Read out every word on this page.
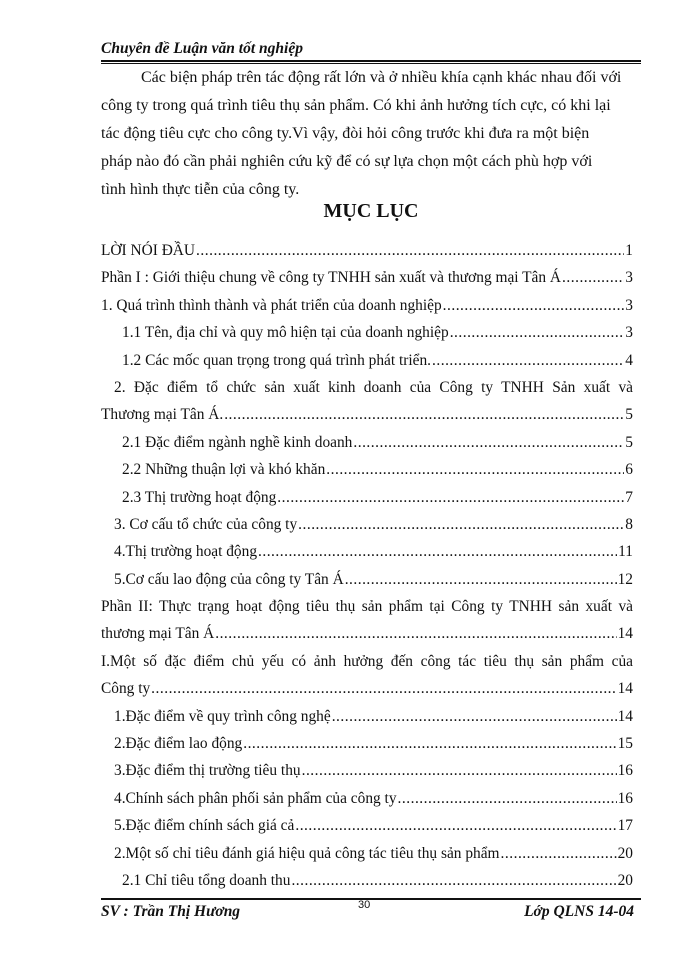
Chuyên đề Luận văn tốt nghiệp
Các biện pháp trên tác động rất lớn và ở nhiều khía cạnh khác nhau đối với
công ty trong quá trình tiêu thụ sản phẩm. Có khi ảnh hưởng tích cực, có khi lại
tác động tiêu cực cho công ty.Vì vậy, đòi hỏi công trước khi đưa ra một biện
pháp nào đó cần phải nghiên cứu kỹ để có sự lựa chọn một cách phù hợp với
tình hình thực tiễn của công ty.
MỤC LỤC
LỜI NÓI ĐẦU .....	1
Phần I : Giới thiệu chung về công ty TNHH sản xuất và thương mại Tân Á .....	3
1. Quá trình thình thành và phát triển của doanh nghiệp .....	3
1.1 Tên, địa chỉ và quy mô hiện tại của doanh nghiệp .....	3
1.2 Các mốc quan trọng trong quá trình phát triển. .....	4
2. Đặc điểm tổ chức sản xuất kinh doanh của Công ty TNHH Sản xuất và
Thương mại Tân Á. .....	5
2.1 Đặc điểm ngành nghề kinh doanh .....	5
2.2 Những thuận lợi và khó khăn .....	6
2.3 Thị trường hoạt động .....	7
3. Cơ cấu tổ chức của công ty .....	8
4.Thị trường hoạt động .....	11
5.Cơ cấu lao động của công ty Tân Á .....	12
Phần II: Thực trạng hoạt động tiêu thụ sản phẩm tại Công ty TNHH sản xuất và
thương mại Tân Á .....	14
I.Một số đặc điểm chủ yếu có ảnh hưởng đến công tác tiêu thụ sản phẩm của
Công ty .....	14
1.Đặc điểm về quy trình công nghệ .....	14
2.Đặc điểm lao động .....	15
3.Đặc điểm thị trường tiêu thụ .....	16
4.Chính sách phân phối sản phẩm của công ty .....	16
5.Đặc điểm chính sách giá cả .....	17
2.Một số chỉ tiêu đánh giá hiệu quả công tác tiêu thụ sản phẩm .....	20
2.1 Chỉ tiêu tổng doanh thu .....	20
SV : Trần Thị Hương	30	Lớp QLNS 14-04
